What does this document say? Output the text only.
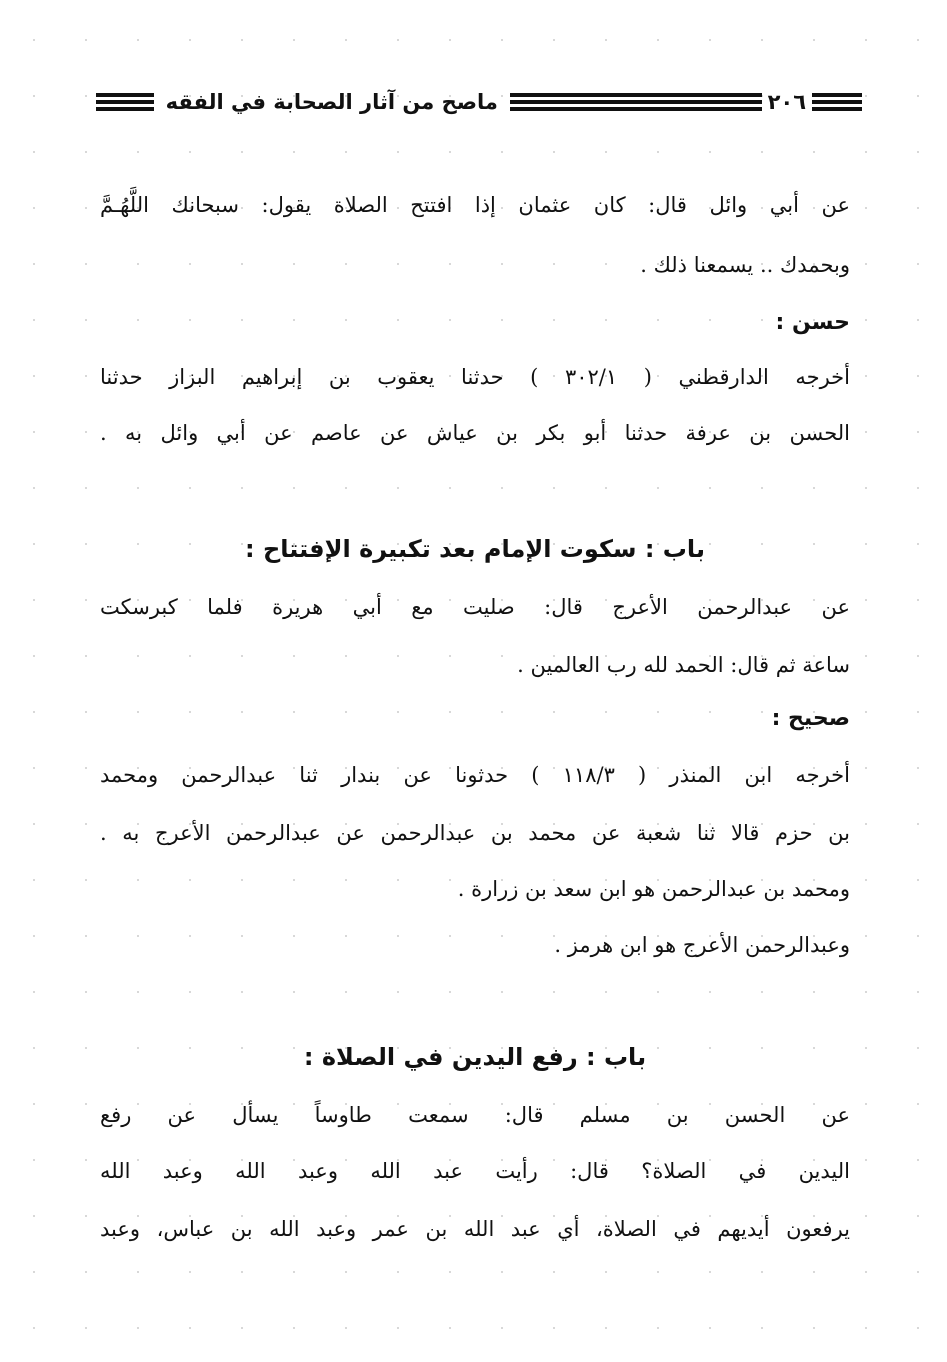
٢٠٦
ماصح من آثار الصحابة في الفقه
عن أبي وائل قال: كان عثمان إذا افتتح الصلاة يقول: سبحانك اللَّهُـمَّ
وبحمدك .. يسمعنا ذلك .
حسن :
أخرجه الدارقطني ( ٣٠٢/١ ) حدثنا يعقوب بن إبراهيم البزاز حدثنا
الحسن بن عرفة حدثنا أبو بكر بن عياش عن عاصم عن أبي وائل به .
باب : سكوت الإمام بعد تكبيرة الإفتتاح :
عن عبدالرحمن الأعرج قال: صليت مع أبي هريرة فلما كبرسكت
ساعة ثم قال: الحمد لله رب العالمين .
صحيح :
أخرجه ابن المنذر ( ١١٨/٣ ) حدثونا عن بندار ثنا عبدالرحمن ومحمد
بن حزم قالا ثنا شعبة عن محمد بن عبدالرحمن عن عبدالرحمن الأعرج به .
ومحمد بن عبدالرحمن هو ابن سعد بن زرارة .
وعبدالرحمن الأعرج هو ابن هرمز .
باب : رفع اليدين في الصلاة :
عن الحسن بن مسلم قال: سمعت طاوساً يسأل عن رفع
اليدين في الصلاة؟ قال: رأيت عبد الله وعبد الله وعبد الله
يرفعون أيديهم في الصلاة، أي عبد الله بن عمر وعبد الله بن عباس، وعبد
